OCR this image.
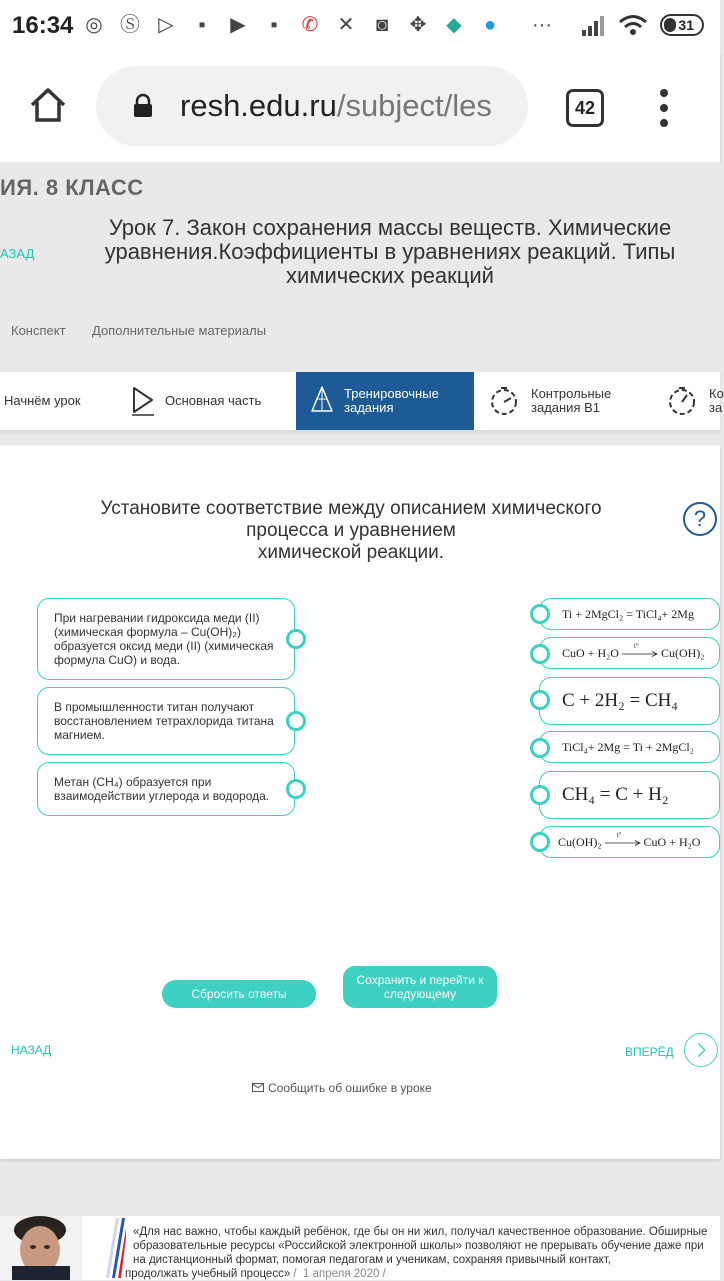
16:34 ◎ Ⓢ ▷	▪	▶	▪	✆ ✕	◙	✥ ◆	●	···	31
resh.edu.ru/subject/les	42
ИЯ. 8 КЛАСС
АЗАД
Урок 7. Закон сохранения массы веществ. Химические уравнения.Коэффициенты в уравнениях реакций. Типы химических реакций
Конспект Дополнительные материалы
Начнём урок	Основная часть	Тренировочные задания
Контрольные задания В1
Ко за
Установите соответствие между описанием химического процесса и уравнением
химической реакции.
?
При нагревании гидроксида меди (II) (химическая формула – Cu(OH)₂) образуется оксид меди (II) (химическая формула CuO) и вода.
В промышленности титан получают восстановлением тетрахлорида титана магнием.
Метан (CH₄) образуется при взаимодействии углерода и водорода.
Ti + 2MgCl₂ = TiCl₄+ 2Mg
CuO + H₂O t° Cu(OH)₂
C + 2H₂ = CH₄
TiCl₄+ 2Mg = Ti + 2MgCl₂
CH₄ = C + H₂
Cu(OH)₂ t° CuO + H₂O
Сбросить ответы
Сохранить и перейти к следующему
НАЗАД	ВПЕРЁД
Сообщить об ошибке в уроке
«Для нас важно, чтобы каждый ребёнок, где бы он ни жил, получал качественное образование. Обширные
образовательные ресурсы «Российской электронной школы» позволяют не прерывать обучение даже при
на дистанционный формат, помогая педагогам и ученикам, сохраняя привычный контакт,
продолжать учебный процесс» /  1 апреля 2020 /
